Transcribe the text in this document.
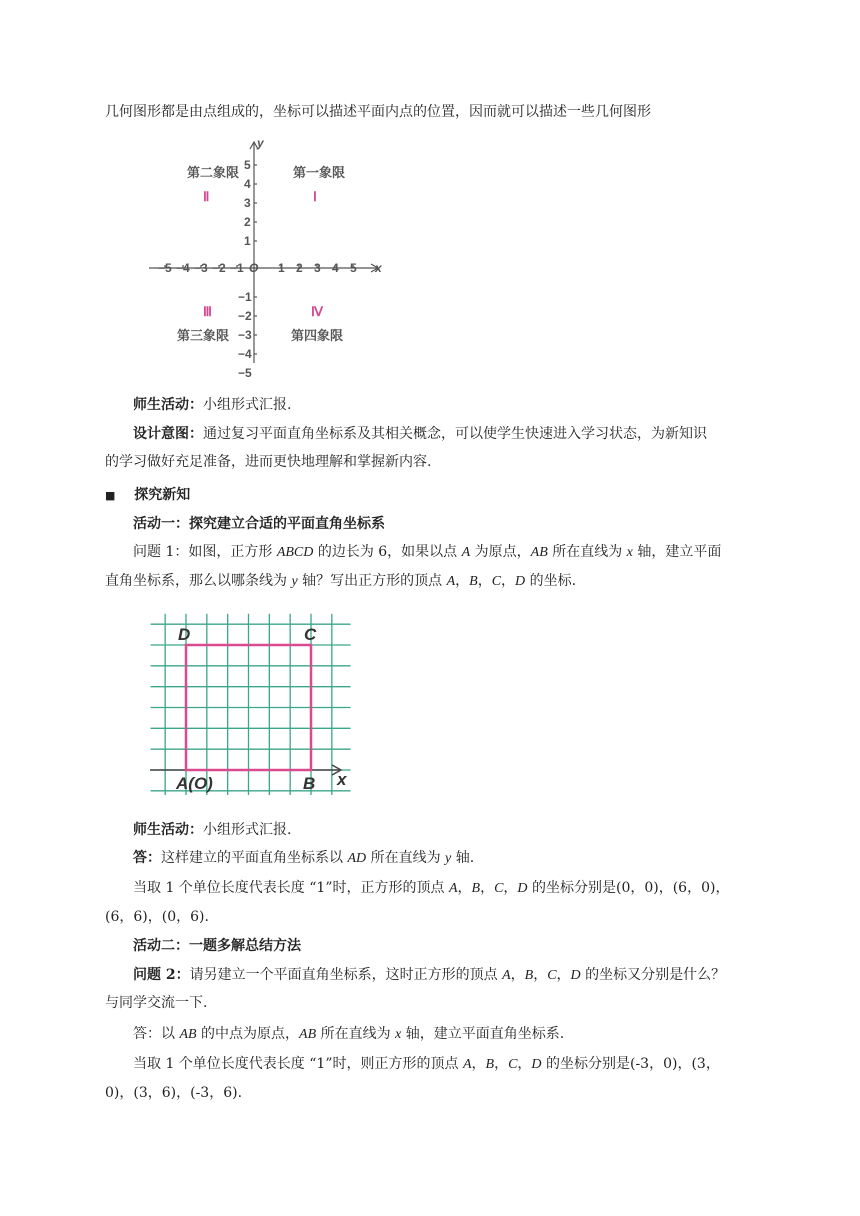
几何图形都是由点组成的，坐标可以描述平面内点的位置，因而就可以描述一些几何图形
y
x
O
−5 −4 −3 −2 −1	1 2 3 4 5
5
4
3
2
1
−1
−2
−3
−4
−5
第一象限
第二象限
第三象限	第四象限
Ⅰ
Ⅱ
Ⅲ	Ⅳ
师生活动：小组形式汇报.
设计意图：通过复习平面直角坐标系及其相关概念，可以使学生快速进入学习状态，为新知识
的学习做好充足准备，进而更快地理解和掌握新内容.
■ 探究新知
活动一：探究建立合适的平面直角坐标系
问题 1：如图，正方形 ABCD 的边长为 6，如果以点 A 为原点，AB 所在直线为 x 轴，建立平面
直角坐标系，那么以哪条线为 y 轴？写出正方形的顶点 A，B，C，D 的坐标.
D	C
A(O)	B x
师生活动：小组形式汇报.
答：这样建立的平面直角坐标系以 AD 所在直线为 y 轴.
当取 1 个单位长度代表长度 “1”时，正方形的顶点 A，B，C，D 的坐标分别是(0，0)，(6，0)，
(6，6)，(0，6).
活动二：一题多解总结方法
问题 2：请另建立一个平面直角坐标系，这时正方形的顶点 A，B，C，D 的坐标又分别是什么？
与同学交流一下.
答：以 AB 的中点为原点，AB 所在直线为 x 轴，建立平面直角坐标系.
当取 1 个单位长度代表长度 “1”时，则正方形的顶点 A，B，C，D 的坐标分别是(-3，0)，(3，
0)，(3，6)，(-3，6).
